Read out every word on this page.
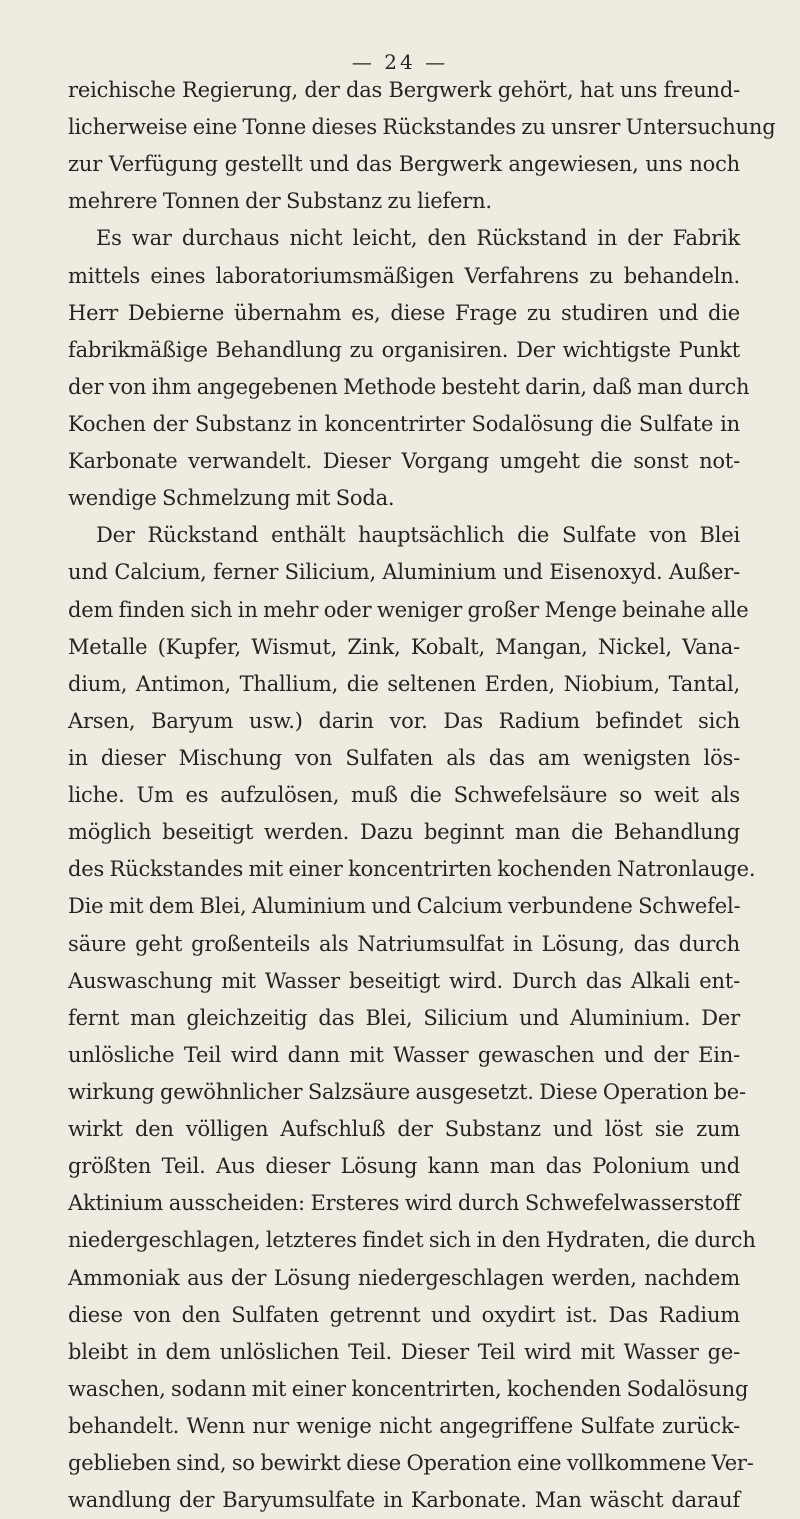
— 24 —
reichische Regierung, der das Bergwerk gehört, hat uns freund-
licherweise eine Tonne dieses Rückstandes zu unsrer Untersuchung
zur Verfügung gestellt und das Bergwerk angewiesen, uns noch
mehrere Tonnen der Substanz zu liefern.
Es war durchaus nicht leicht, den Rückstand in der Fabrik
mittels eines laboratoriumsmäßigen Verfahrens zu behandeln.
Herr Debierne übernahm es, diese Frage zu studiren und die
fabrikmäßige Behandlung zu organisiren. Der wichtigste Punkt
der von ihm angegebenen Methode besteht darin, daß man durch
Kochen der Substanz in koncentrirter Sodalösung die Sulfate in
Karbonate verwandelt. Dieser Vorgang umgeht die sonst not-
wendige Schmelzung mit Soda.
Der Rückstand enthält hauptsächlich die Sulfate von Blei
und Calcium, ferner Silicium, Aluminium und Eisenoxyd. Außer-
dem finden sich in mehr oder weniger großer Menge beinahe alle
Metalle (Kupfer, Wismut, Zink, Kobalt, Mangan, Nickel, Vana-
dium, Antimon, Thallium, die seltenen Erden, Niobium, Tantal,
Arsen, Baryum usw.) darin vor. Das Radium befindet sich
in dieser Mischung von Sulfaten als das am wenigsten lös-
liche. Um es aufzulösen, muß die Schwefelsäure so weit als
möglich beseitigt werden. Dazu beginnt man die Behandlung
des Rückstandes mit einer koncentrirten kochenden Natronlauge.
Die mit dem Blei, Aluminium und Calcium verbundene Schwefel-
säure geht großenteils als Natriumsulfat in Lösung, das durch
Auswaschung mit Wasser beseitigt wird. Durch das Alkali ent-
fernt man gleichzeitig das Blei, Silicium und Aluminium. Der
unlösliche Teil wird dann mit Wasser gewaschen und der Ein-
wirkung gewöhnlicher Salzsäure ausgesetzt. Diese Operation be-
wirkt den völligen Aufschluß der Substanz und löst sie zum
größten Teil. Aus dieser Lösung kann man das Polonium und
Aktinium ausscheiden: Ersteres wird durch Schwefelwasserstoff
niedergeschlagen, letzteres findet sich in den Hydraten, die durch
Ammoniak aus der Lösung niedergeschlagen werden, nachdem
diese von den Sulfaten getrennt und oxydirt ist. Das Radium
bleibt in dem unlöslichen Teil. Dieser Teil wird mit Wasser ge-
waschen, sodann mit einer koncentrirten, kochenden Sodalösung
behandelt. Wenn nur wenige nicht angegriffene Sulfate zurück-
geblieben sind, so bewirkt diese Operation eine vollkommene Ver-
wandlung der Baryumsulfate in Karbonate. Man wäscht darauf
